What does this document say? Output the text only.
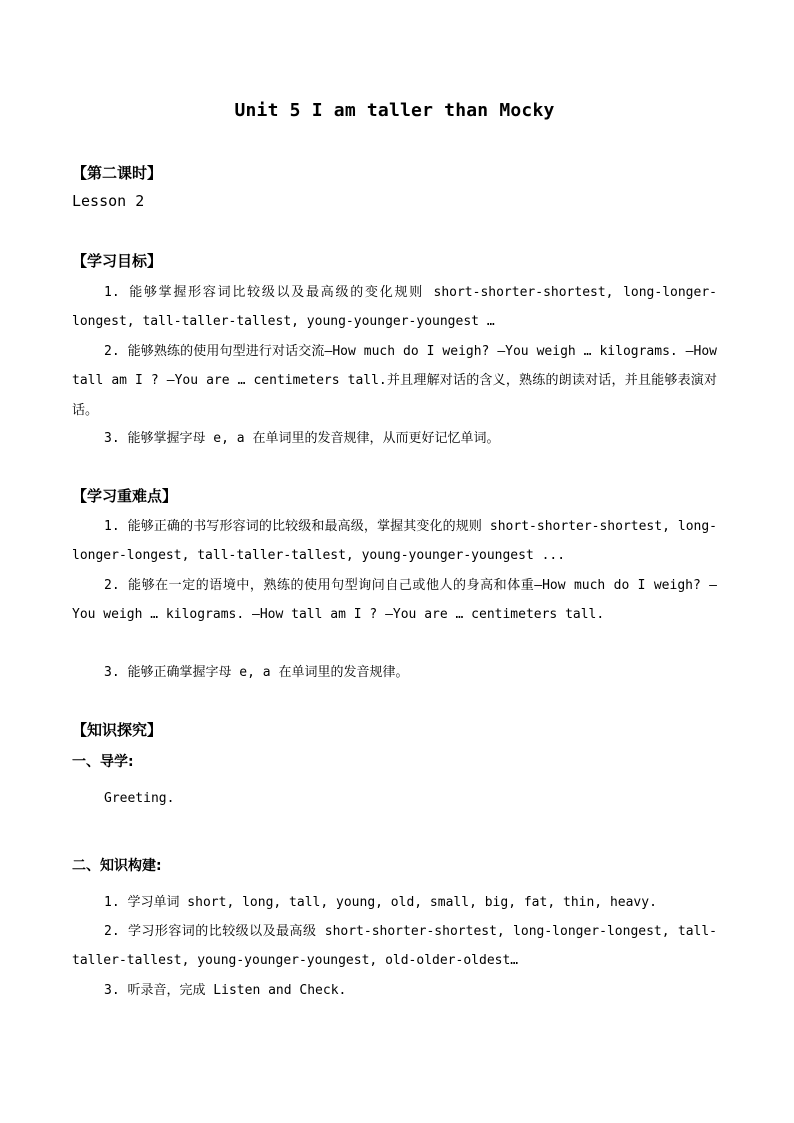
Unit 5 I am taller than Mocky
【第二课时】
Lesson 2
【学习目标】
1. 能够掌握形容词比较级以及最高级的变化规则 short-shorter-shortest, long-longer-longest, tall-taller-tallest, young-younger-youngest …
2. 能够熟练的使用句型进行对话交流—How much do I weigh? —You weigh … kilograms. —How tall am I ? —You are … centimeters tall.并且理解对话的含义，熟练的朗读对话，并且能够表演对话。
3. 能够掌握字母 e, a 在单词里的发音规律，从而更好记忆单词。
【学习重难点】
1. 能够正确的书写形容词的比较级和最高级，掌握其变化的规则 short-shorter-shortest, long-longer-longest, tall-taller-tallest, young-younger-youngest ...
2. 能够在一定的语境中，熟练的使用句型询问自己或他人的身高和体重—How much do I weigh? —You weigh … kilograms. —How tall am I ? —You are … centimeters tall.
3. 能够正确掌握字母 e, a 在单词里的发音规律。
【知识探究】
一、导学:
Greeting.
二、知识构建:
1. 学习单词 short, long, tall, young, old, small, big, fat, thin, heavy.
2. 学习形容词的比较级以及最高级 short-shorter-shortest, long-longer-longest, tall-taller-tallest, young-younger-youngest, old-older-oldest…
3. 听录音，完成 Listen and Check.
